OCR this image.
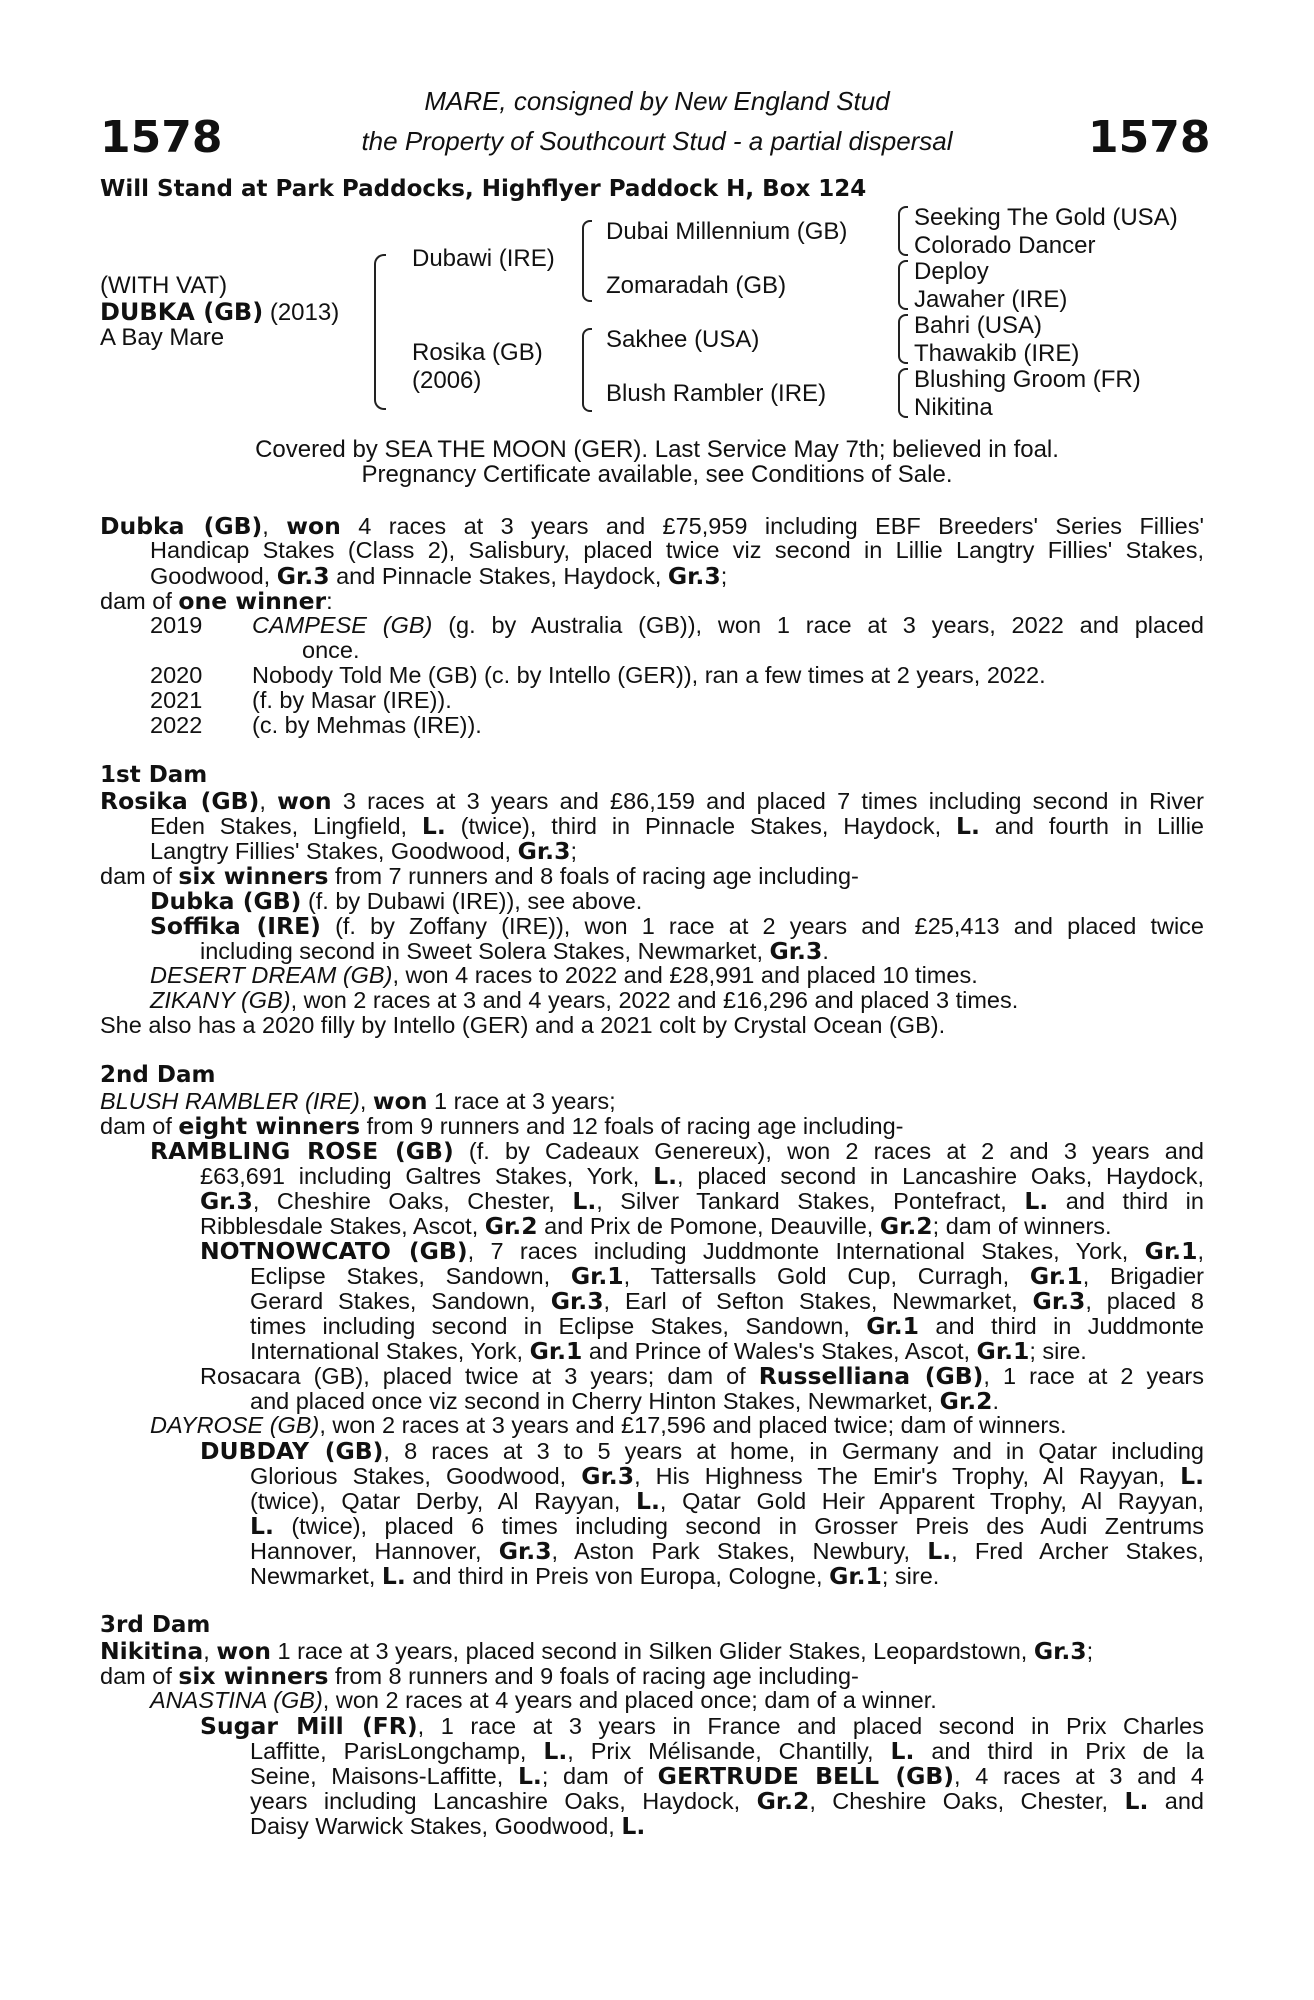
1578	1578
MARE, consigned by New England Stud
the Property of Southcourt Stud - a partial dispersal
Will Stand at Park Paddocks, Highflyer Paddock H, Box 124
(WITH VAT)
DUBKA (GB) (2013)
A Bay Mare
Dubawi (IRE)
Rosika (GB)
(2006)
Dubai Millennium (GB)
Zomaradah (GB)
Sakhee (USA)
Blush Rambler (IRE)
Seeking The Gold (USA)
Colorado Dancer
Deploy
Jawaher (IRE)
Bahri (USA)
Thawakib (IRE)
Blushing Groom (FR)
Nikitina
Covered by SEA THE MOON (GER). Last Service May 7th; believed in foal.
Pregnancy Certificate available, see Conditions of Sale.
Dubka (GB), won 4 races at 3 years and £75,959 including EBF Breeders' Series Fillies'
Handicap Stakes (Class 2), Salisbury, placed twice viz second in Lillie Langtry Fillies' Stakes,
Goodwood, Gr.3 and Pinnacle Stakes, Haydock, Gr.3;
dam of one winner:
2019 CAMPESE (GB) (g. by Australia (GB)), won 1 race at 3 years, 2022 and placed
once.
2020 Nobody Told Me (GB) (c. by Intello (GER)), ran a few times at 2 years, 2022.
2021 (f. by Masar (IRE)).
2022 (c. by Mehmas (IRE)).
1st Dam
Rosika (GB), won 3 races at 3 years and £86,159 and placed 7 times including second in River
Eden Stakes, Lingfield, L. (twice), third in Pinnacle Stakes, Haydock, L. and fourth in Lillie
Langtry Fillies' Stakes, Goodwood, Gr.3;
dam of six winners from 7 runners and 8 foals of racing age including-
Dubka (GB) (f. by Dubawi (IRE)), see above.
Soffika (IRE) (f. by Zoffany (IRE)), won 1 race at 2 years and £25,413 and placed twice
including second in Sweet Solera Stakes, Newmarket, Gr.3.
DESERT DREAM (GB), won 4 races to 2022 and £28,991 and placed 10 times.
ZIKANY (GB), won 2 races at 3 and 4 years, 2022 and £16,296 and placed 3 times.
She also has a 2020 filly by Intello (GER) and a 2021 colt by Crystal Ocean (GB).
2nd Dam
BLUSH RAMBLER (IRE), won 1 race at 3 years;
dam of eight winners from 9 runners and 12 foals of racing age including-
RAMBLING ROSE (GB) (f. by Cadeaux Genereux), won 2 races at 2 and 3 years and
£63,691 including Galtres Stakes, York, L., placed second in Lancashire Oaks, Haydock,
Gr.3, Cheshire Oaks, Chester, L., Silver Tankard Stakes, Pontefract, L. and third in
Ribblesdale Stakes, Ascot, Gr.2 and Prix de Pomone, Deauville, Gr.2; dam of winners.
NOTNOWCATO (GB), 7 races including Juddmonte International Stakes, York, Gr.1,
Eclipse Stakes, Sandown, Gr.1, Tattersalls Gold Cup, Curragh, Gr.1, Brigadier
Gerard Stakes, Sandown, Gr.3, Earl of Sefton Stakes, Newmarket, Gr.3, placed 8
times including second in Eclipse Stakes, Sandown, Gr.1 and third in Juddmonte
International Stakes, York, Gr.1 and Prince of Wales's Stakes, Ascot, Gr.1; sire.
Rosacara (GB), placed twice at 3 years; dam of Russelliana (GB), 1 race at 2 years
and placed once viz second in Cherry Hinton Stakes, Newmarket, Gr.2.
DAYROSE (GB), won 2 races at 3 years and £17,596 and placed twice; dam of winners.
DUBDAY (GB), 8 races at 3 to 5 years at home, in Germany and in Qatar including
Glorious Stakes, Goodwood, Gr.3, His Highness The Emir's Trophy, Al Rayyan, L.
(twice), Qatar Derby, Al Rayyan, L., Qatar Gold Heir Apparent Trophy, Al Rayyan,
L. (twice), placed 6 times including second in Grosser Preis des Audi Zentrums
Hannover, Hannover, Gr.3, Aston Park Stakes, Newbury, L., Fred Archer Stakes,
Newmarket, L. and third in Preis von Europa, Cologne, Gr.1; sire.
3rd Dam
Nikitina, won 1 race at 3 years, placed second in Silken Glider Stakes, Leopardstown, Gr.3;
dam of six winners from 8 runners and 9 foals of racing age including-
ANASTINA (GB), won 2 races at 4 years and placed once; dam of a winner.
Sugar Mill (FR), 1 race at 3 years in France and placed second in Prix Charles
Laffitte, ParisLongchamp, L., Prix Mélisande, Chantilly, L. and third in Prix de la
Seine, Maisons-Laffitte, L.; dam of GERTRUDE BELL (GB), 4 races at 3 and 4
years including Lancashire Oaks, Haydock, Gr.2, Cheshire Oaks, Chester, L. and
Daisy Warwick Stakes, Goodwood, L.
